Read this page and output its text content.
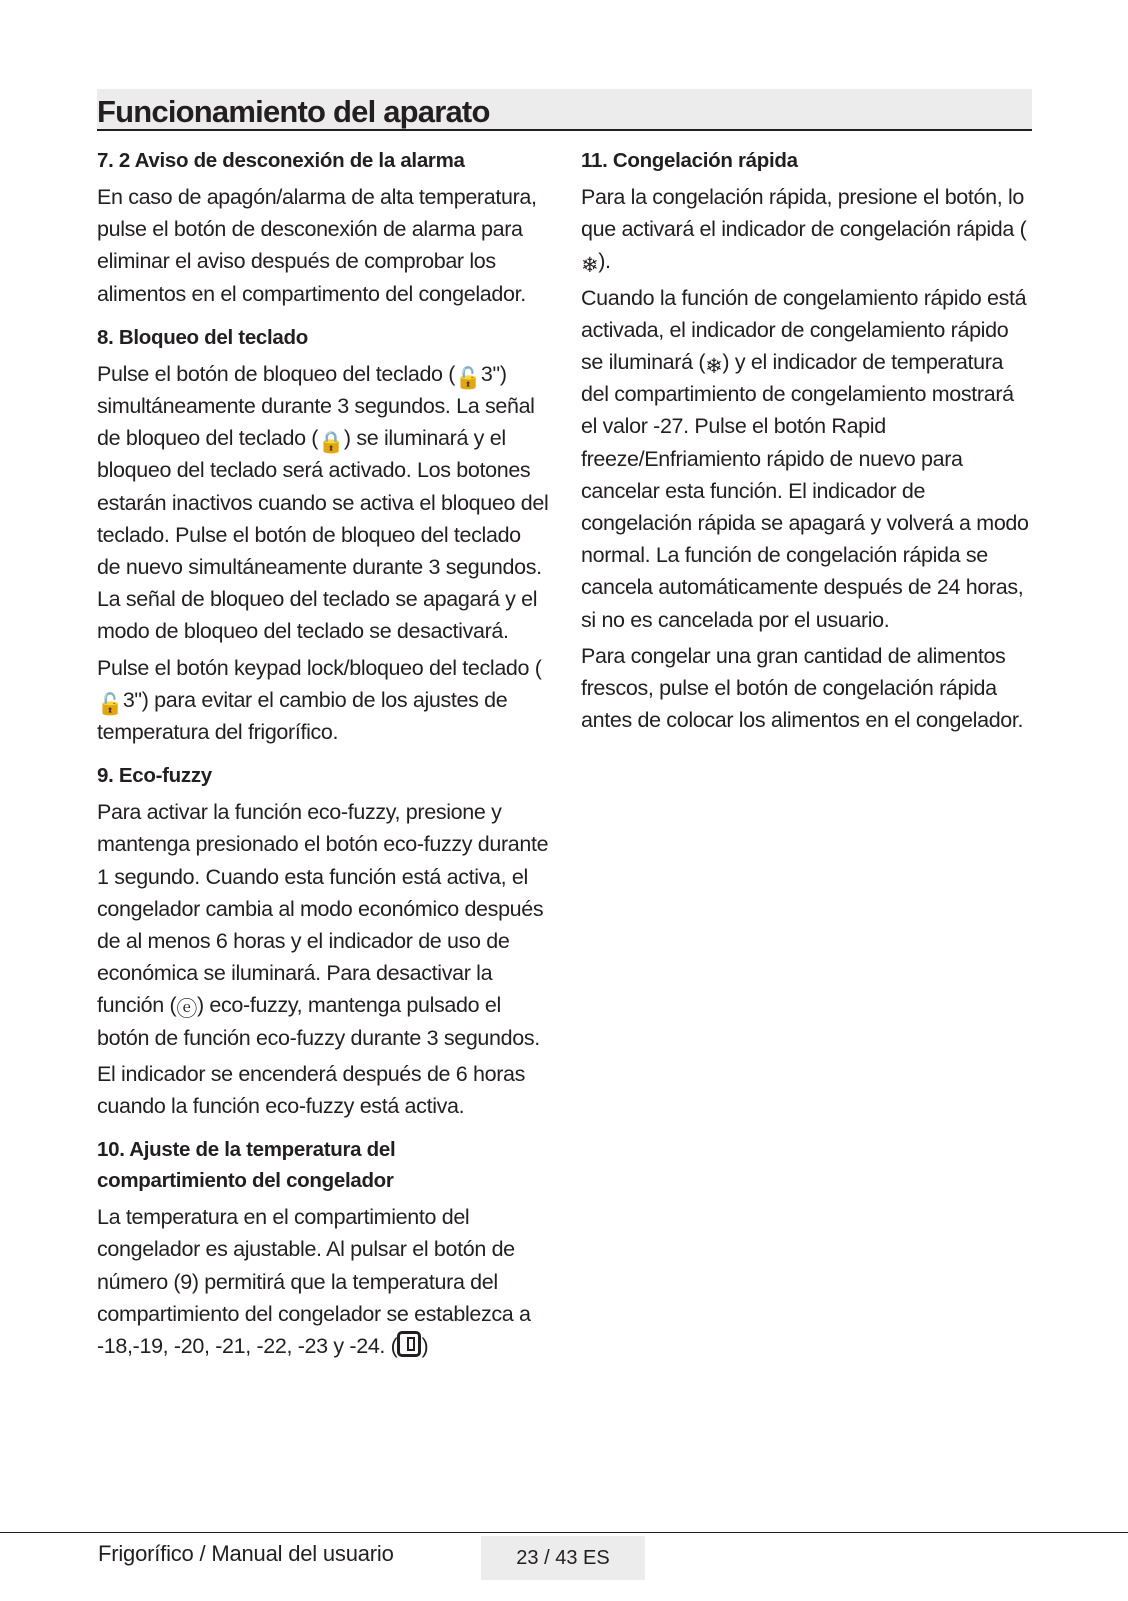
Funcionamiento del aparato
7. 2 Aviso de desconexión de la alarma
En caso de apagón/alarma de alta temperatura, pulse el botón de desconexión de alarma para eliminar el aviso después de comprobar los alimentos en el compartimento del congelador.
8. Bloqueo del teclado
Pulse el botón de bloqueo del teclado (🔓3") simultáneamente durante 3 segundos. La señal de bloqueo del teclado (🔒) se iluminará y el bloqueo del teclado será activado. Los botones estarán inactivos cuando se activa el bloqueo del teclado. Pulse el botón de bloqueo del teclado de nuevo simultáneamente durante 3 segundos. La señal de bloqueo del teclado se apagará y el modo de bloqueo del teclado se desactivará.
Pulse el botón keypad lock/bloqueo del teclado (🔓3") para evitar el cambio de los ajustes de temperatura del frigorífico.
9. Eco-fuzzy
Para activar la función eco-fuzzy, presione y mantenga presionado el botón eco-fuzzy durante 1 segundo. Cuando esta función está activa, el congelador cambia al modo económico después de al menos 6 horas y el indicador de uso de económica se iluminará. Para desactivar la función (ⓔ) eco-fuzzy, mantenga pulsado el botón de función eco-fuzzy durante 3 segundos.
El indicador se encenderá después de 6 horas cuando la función eco-fuzzy está activa.
10. Ajuste de la temperatura del compartimiento del congelador
La temperatura en el compartimiento del congelador es ajustable. Al pulsar el botón de número (9) permitirá que la temperatura del compartimiento del congelador se establezca a -18,-19, -20, -21, -22, -23 y -24. ( )
11. Congelación rápida
Para la congelación rápida, presione el botón, lo que activará el indicador de congelación rápida (❄).
Cuando la función de congelamiento rápido está activada, el indicador de congelamiento rápido se iluminará (❄) y el indicador de temperatura del compartimiento de congelamiento mostrará el valor -27. Pulse el botón Rapid freeze/Enfriamiento rápido de nuevo para cancelar esta función. El indicador de congelación rápida se apagará y volverá a modo normal. La función de congelación rápida se cancela automáticamente después de 24 horas, si no es cancelada por el usuario.
Para congelar una gran cantidad de alimentos frescos, pulse el botón de congelación rápida antes de colocar los alimentos en el congelador.
Frigorífico / Manual del usuario	23 / 43 ES
